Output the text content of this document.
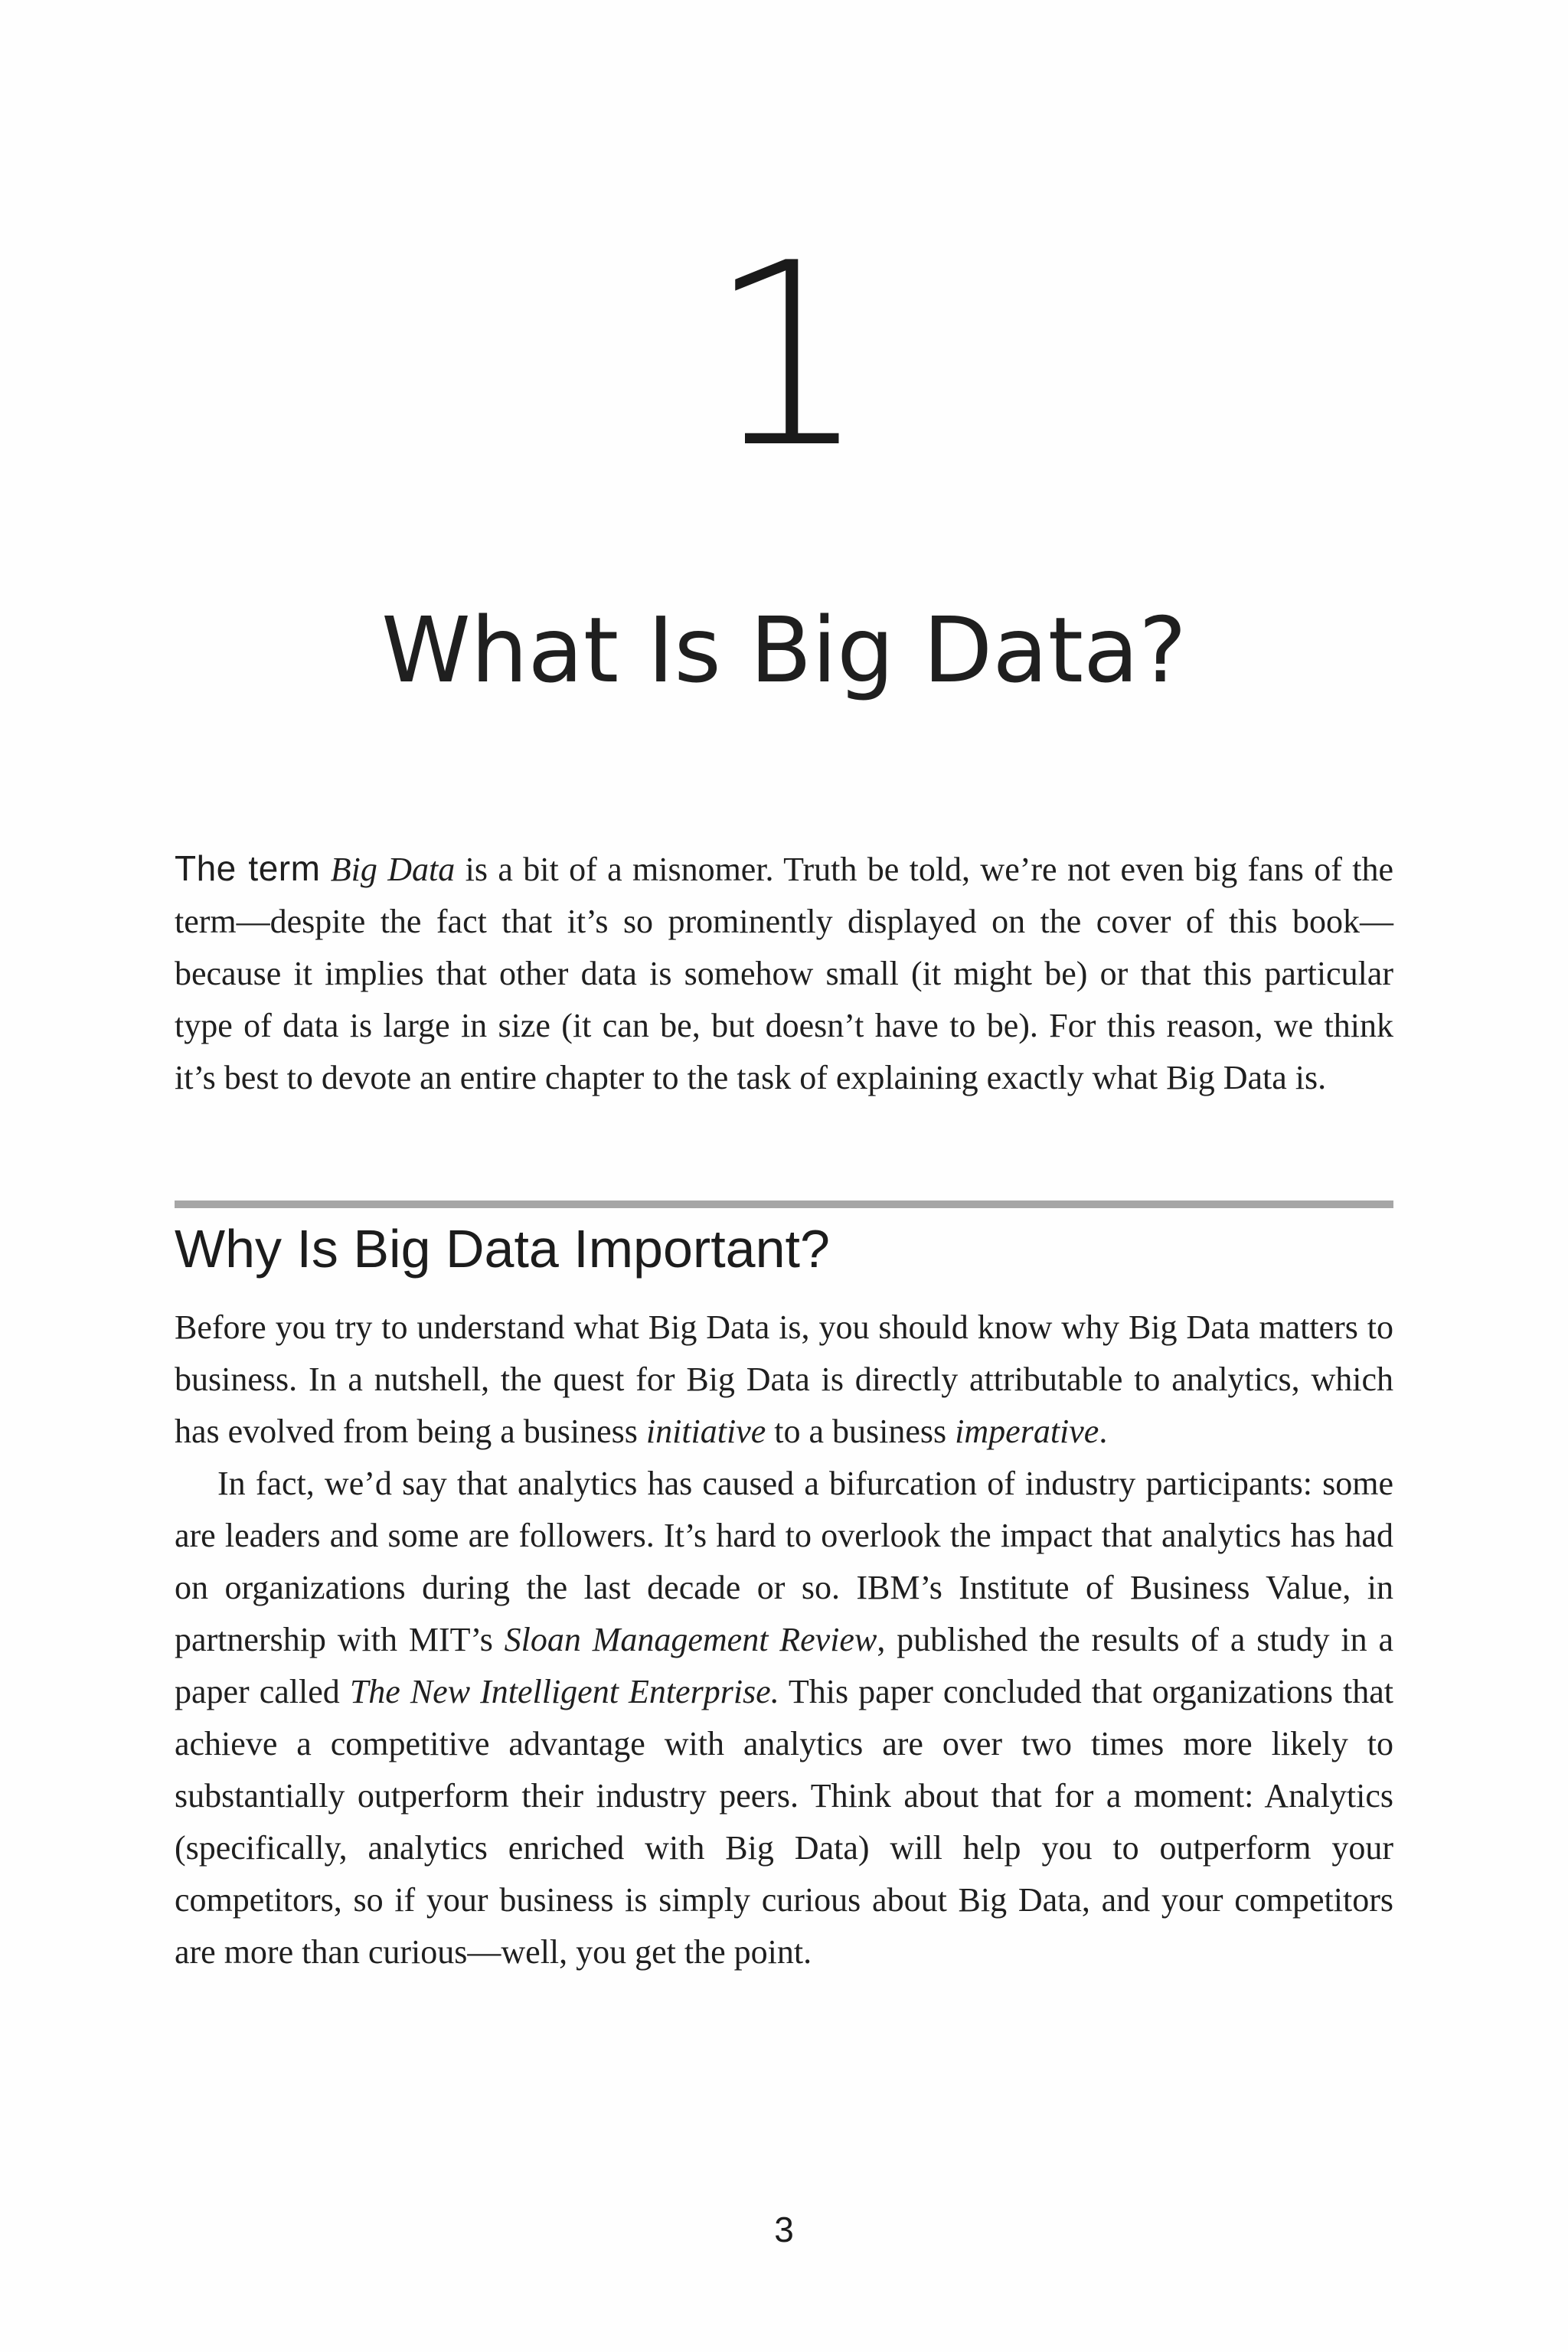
1
What Is Big Data?
The term Big Data is a bit of a misnomer. Truth be told, we’re not even big fans of the term—despite the fact that it’s so prominently displayed on the cover of this book—because it implies that other data is somehow small (it might be) or that this particular type of data is large in size (it can be, but doesn’t have to be). For this reason, we think it’s best to devote an entire chapter to the task of explaining exactly what Big Data is.
Why Is Big Data Important?

Before you try to understand what Big Data is, you should know why Big Data matters to business. In a nutshell, the quest for Big Data is directly attributable to analytics, which has evolved from being a business initiative to a business imperative.

In fact, we’d say that analytics has caused a bifurcation of industry participants: some are leaders and some are followers. It’s hard to overlook the impact that analytics has had on organizations during the last decade or so. IBM’s Institute of Business Value, in partnership with MIT’s Sloan Management Review, published the results of a study in a paper called The New Intelligent Enterprise. This paper concluded that organizations that achieve a competitive advantage with analytics are over two times more likely to substantially outperform their industry peers. Think about that for a moment: Analytics (specifically, analytics enriched with Big Data) will help you to outperform your competitors, so if your business is simply curious about Big Data, and your competitors are more than curious—well, you get the point.

3
